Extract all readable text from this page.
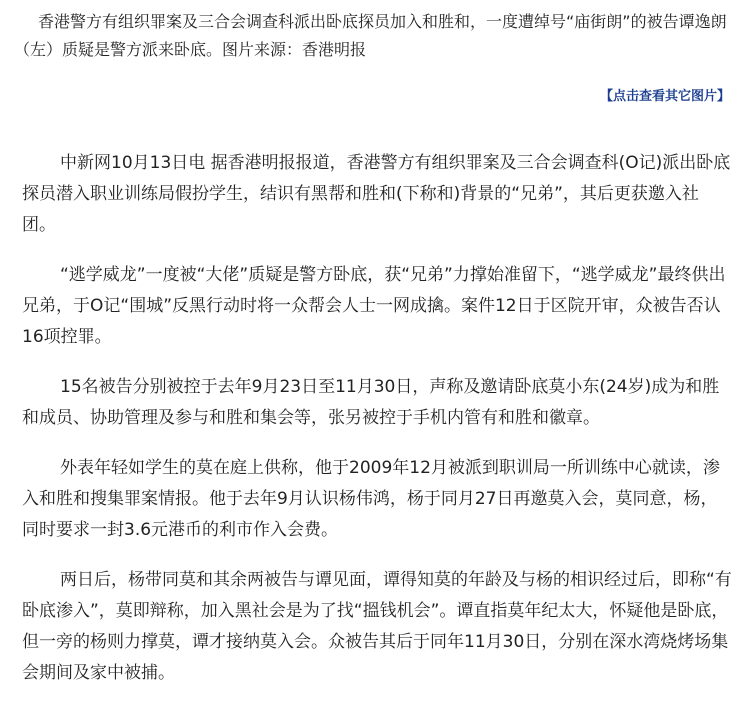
香港警方有组织罪案及三合会调查科派出卧底探员加入和胜和，一度遭绰号“庙街朗”的被告谭逸朗（左）质疑是警方派来卧底。图片来源：香港明报
【点击查看其它图片】

中新网10月13日电 据香港明报报道，香港警方有组织罪案及三合会调查科(O记)派出卧底探员潜入职业训练局假扮学生，结识有黑帮和胜和(下称和)背景的“兄弟”，其后更获邀入社团。

“逃学威龙”一度被“大佬”质疑是警方卧底，获“兄弟”力撑始准留下，“逃学威龙”最终供出兄弟，于O记“围城”反黑行动时将一众帮会人士一网成擒。案件12日于区院开审，众被告否认16项控罪。

15名被告分别被控于去年9月23日至11月30日，声称及邀请卧底莫小东(24岁)成为和胜和成员、协助管理及参与和胜和集会等，张另被控于手机内管有和胜和徽章。

外表年轻如学生的莫在庭上供称，他于2009年12月被派到职训局一所训练中心就读，渗入和胜和搜集罪案情报。他于去年9月认识杨伟鸿，杨于同月27日再邀莫入会，莫同意，杨，同时要求一封3.6元港币的利市作入会费。

两日后，杨带同莫和其余两被告与谭见面，谭得知莫的年龄及与杨的相识经过后，即称“有卧底渗入”，莫即辩称，加入黑社会是为了找“搵钱机会”。谭直指莫年纪太大，怀疑他是卧底，但一旁的杨则力撑莫，谭才接纳莫入会。众被告其后于同年11月30日，分别在深水湾烧烤场集会期间及家中被捕。
